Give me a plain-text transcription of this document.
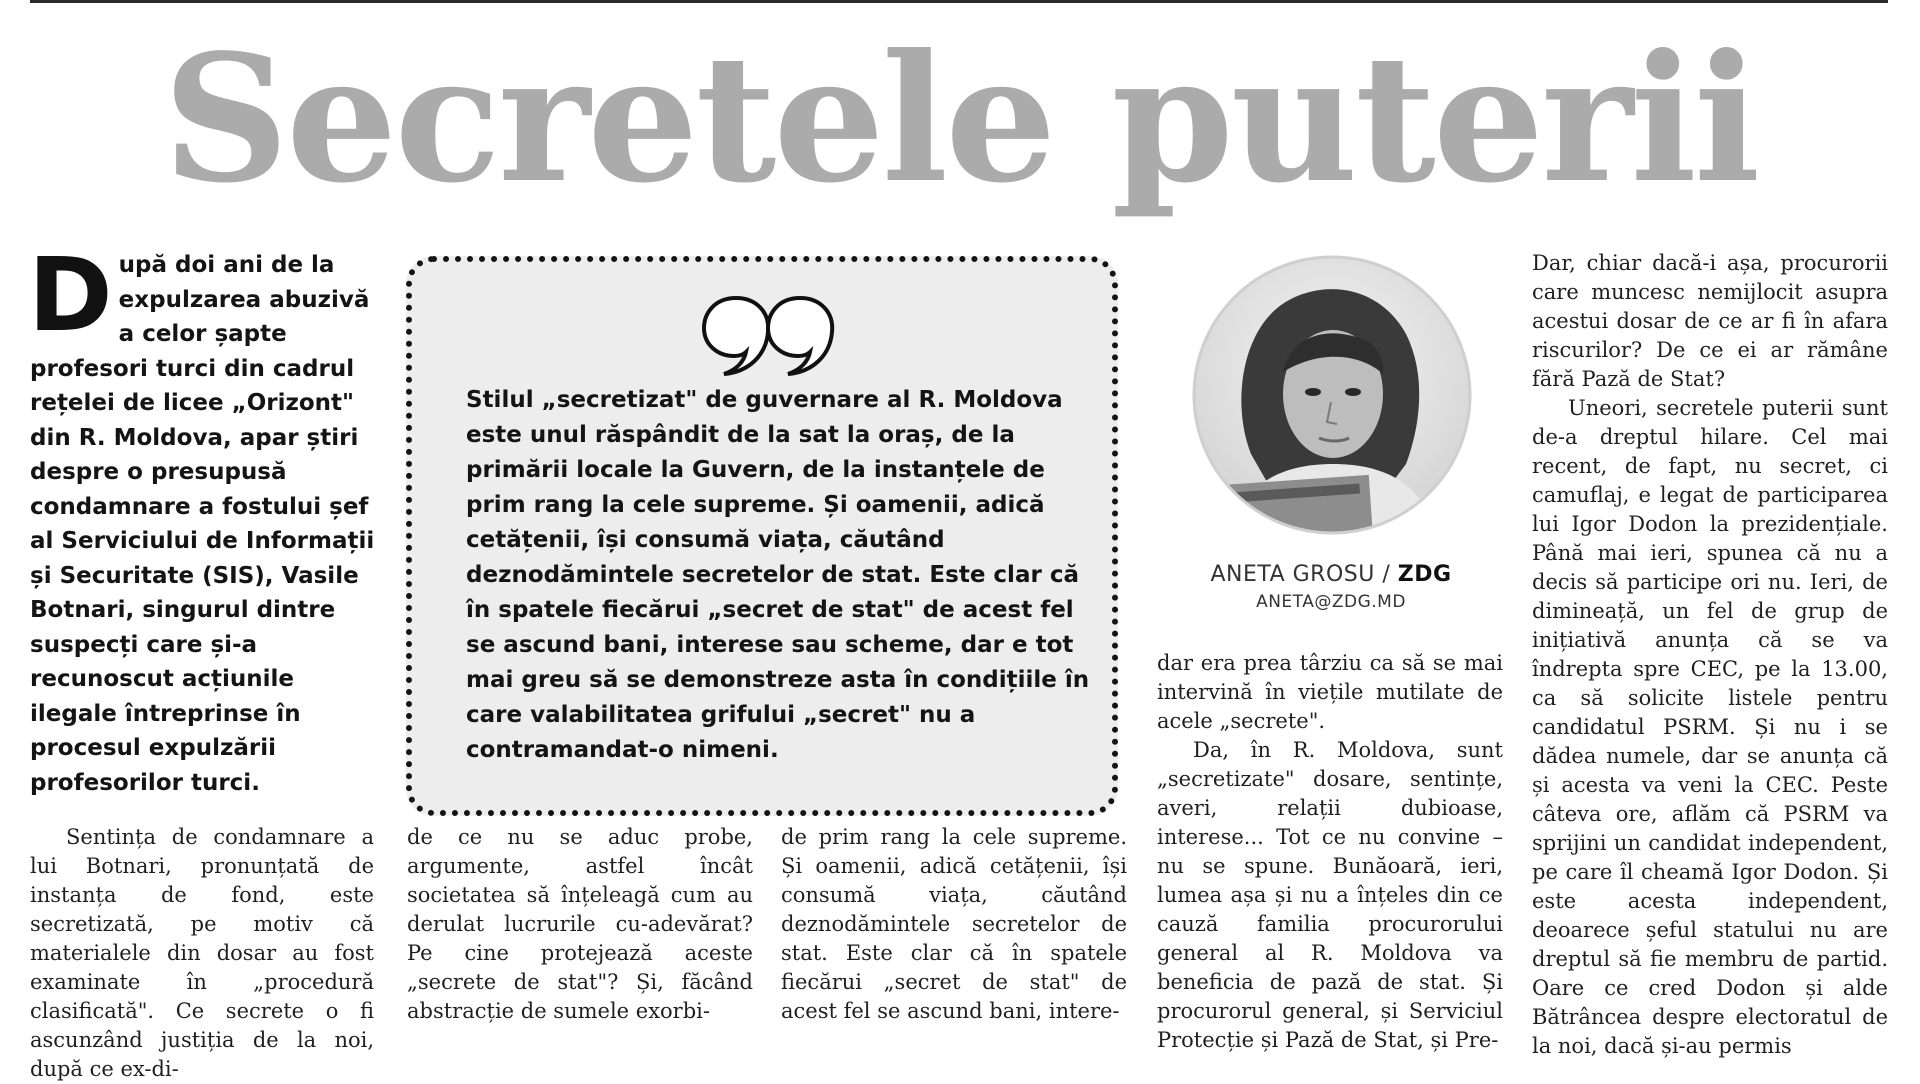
Secretele puterii
D upă doi ani de la expulzarea abuzivă a celor șapte profesori turci din cadrul rețelei de licee „Orizont" din R. Moldova, apar știri despre o presupusă condamnare a fostului șef al Serviciului de Informații și Securitate (SIS), Vasile Botnari, singurul dintre suspecți care și-a recunoscut acțiunile ilegale întreprinse în procesul expulzării profesorilor turci.
Sentința de condamnare a lui Botnari, pronunțată de instanța de fond, este secretizată, pe motiv că materialele din dosar au fost examinate în „procedură clasificată". Ce secrete o fi ascunzând justiția de la noi, după ce ex-di-
Stilul „secretizat" de guvernare al R. Moldova este unul răspândit de la sat la oraș, de la primării locale la Guvern, de la instanțele de prim rang la cele supreme. Și oamenii, adică cetățenii, își consumă viața, căutând deznodămintele secretelor de stat. Este clar că în spatele fiecărui „secret de stat" de acest fel se ascund bani, interese sau scheme, dar e tot mai greu să se demonstreze asta în condițiile în care valabilitatea grifului „secret" nu a contramandat-o nimeni.
de ce nu se aduc probe, argumente, astfel încât societatea să înțeleagă cum au derulat lucrurile cu-adevărat? Pe cine protejează aceste „secrete de stat"? Și, făcând abstracție de sumele exorbi-
de prim rang la cele supreme. Și oamenii, adică cetățenii, își consumă viața, căutând deznodămintele secretelor de stat. Este clar că în spatele fiecărui „secret de stat" de acest fel se ascund bani, intere-
ANETA GROSU / ZDG
ANETA@ZDG.MD

dar era prea târziu ca să se mai intervină în viețile mutilate de acele „secrete".

Da, în R. Moldova, sunt „secretizate" dosare, sentințe, averi, relații dubioase, interese... Tot ce nu convine – nu se spune. Bunăoară, ieri, lumea așa și nu a înțeles din ce cauză familia procurorului general al R. Moldova va beneficia de pază de stat. Și procurorul general, și Serviciul Protecție și Pază de Stat, și Pre-

Dar, chiar dacă-i așa, procurorii care muncesc nemijlocit asupra acestui dosar de ce ar fi în afara riscurilor? De ce ei ar rămâne fără Pază de Stat?

Uneori, secretele puterii sunt de-a dreptul hilare. Cel mai recent, de fapt, nu secret, ci camuflaj, e legat de participarea lui Igor Dodon la prezidențiale. Până mai ieri, spunea că nu a decis să participe ori nu. Ieri, de dimineață, un fel de grup de inițiativă anunța că se va îndrepta spre CEC, pe la 13.00, ca să solicite listele pentru candidatul PSRM. Și nu i se dădea numele, dar se anunța că și acesta va veni la CEC. Peste câteva ore, aflăm că PSRM va sprijini un candidat independent, pe care îl cheamă Igor Dodon. Și este acesta independent, deoarece șeful statului nu are dreptul să fie membru de partid. Oare ce cred Dodon și alde Bătrâncea despre electoratul de la noi, dacă și-au permis
